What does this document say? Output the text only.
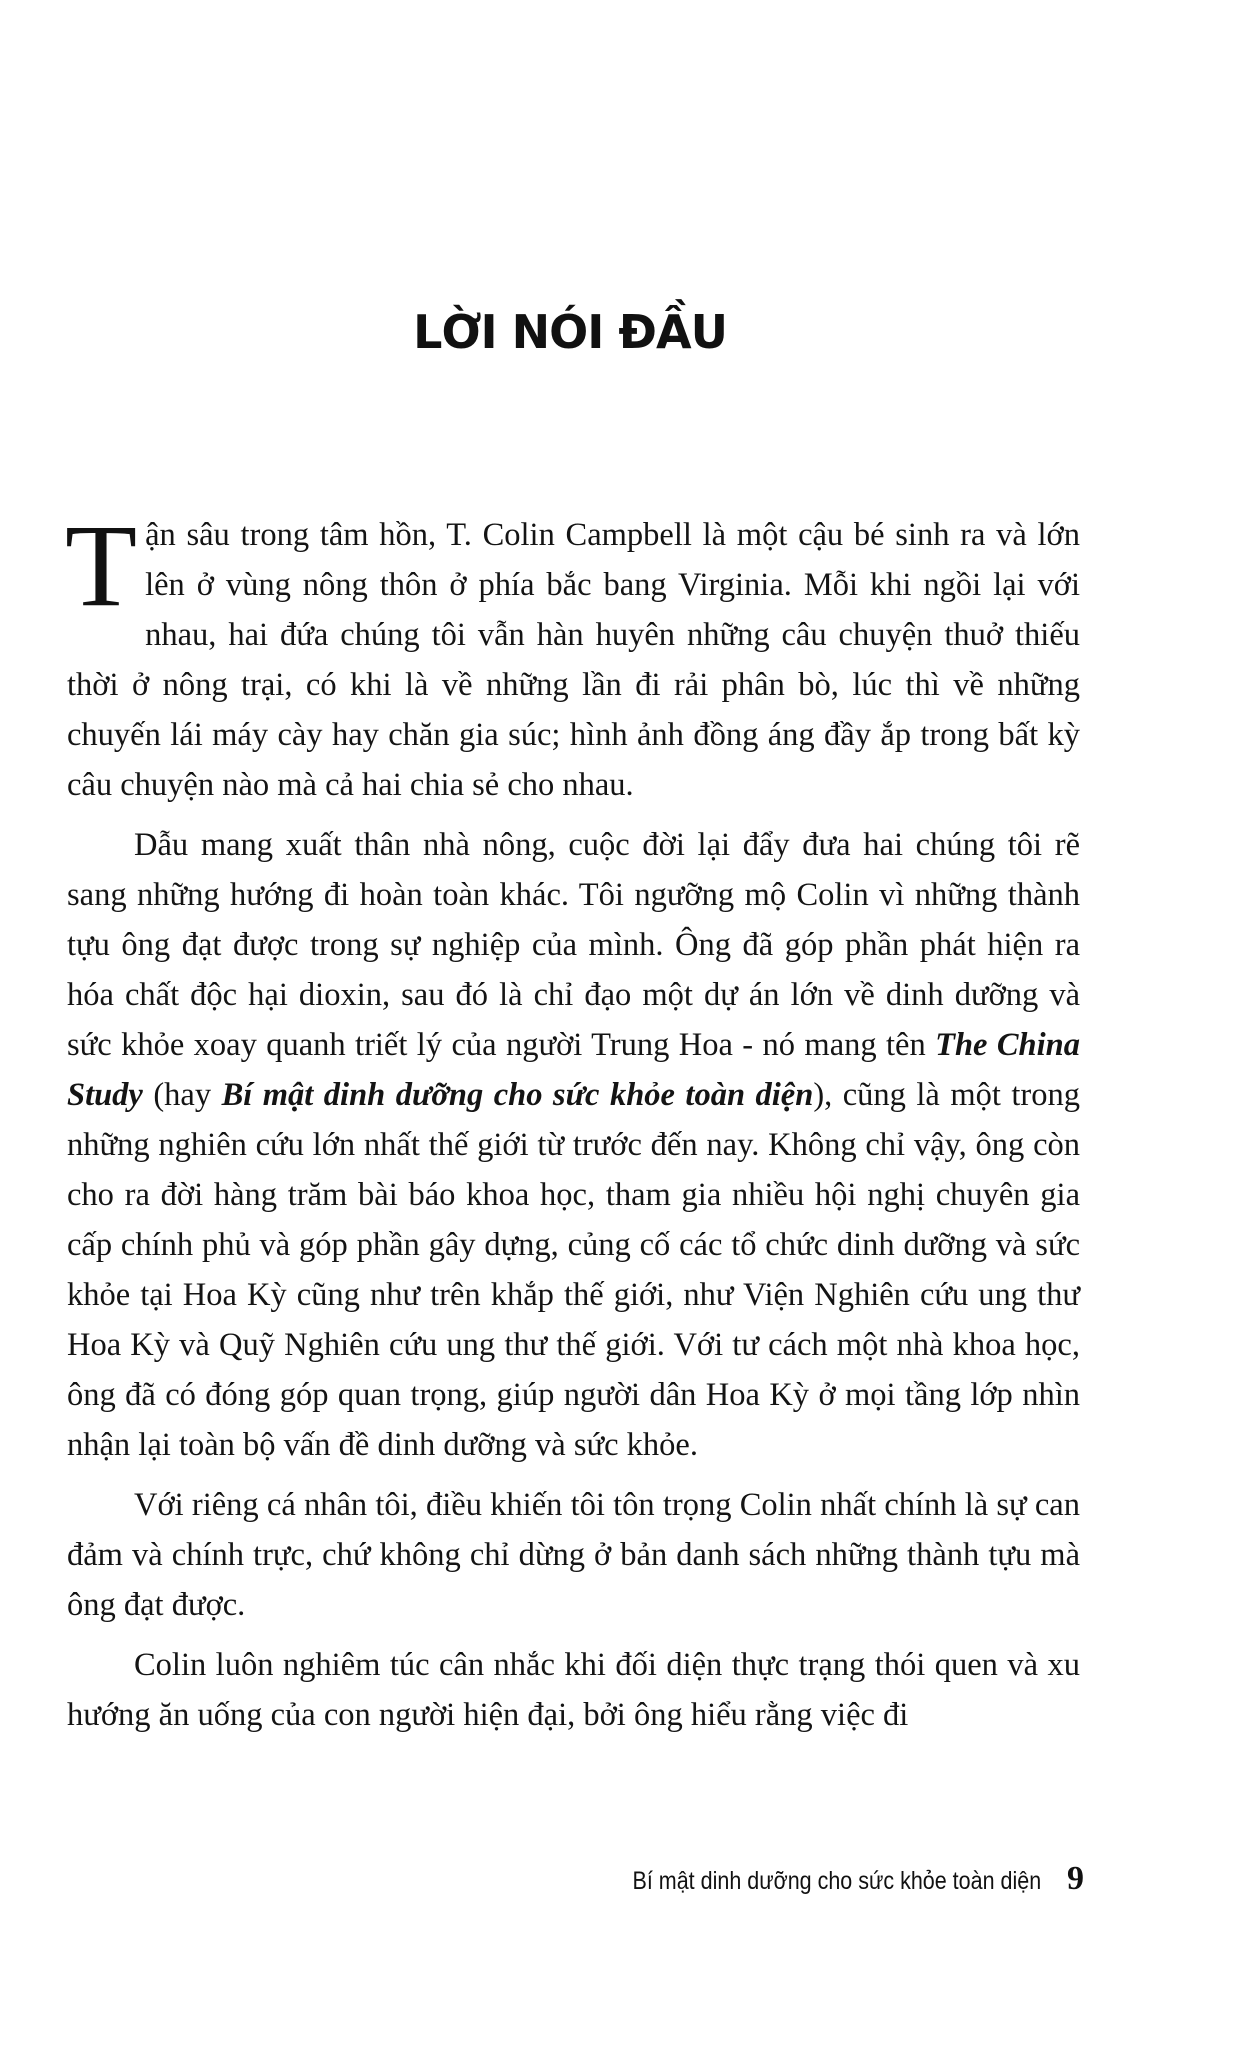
LỜI NÓI ĐẦU

Tận sâu trong tâm hồn, T. Colin Campbell là một cậu bé sinh ra và lớn lên ở vùng nông thôn ở phía bắc bang Virginia. Mỗi khi ngồi lại với nhau, hai đứa chúng tôi vẫn hàn huyên những câu chuyện thuở thiếu thời ở nông trại, có khi là về những lần đi rải phân bò, lúc thì về những chuyến lái máy cày hay chăn gia súc; hình ảnh đồng áng đầy ắp trong bất kỳ câu chuyện nào mà cả hai chia sẻ cho nhau.

Dẫu mang xuất thân nhà nông, cuộc đời lại đẩy đưa hai chúng tôi rẽ sang những hướng đi hoàn toàn khác. Tôi ngưỡng mộ Colin vì những thành tựu ông đạt được trong sự nghiệp của mình. Ông đã góp phần phát hiện ra hóa chất độc hại dioxin, sau đó là chỉ đạo một dự án lớn về dinh dưỡng và sức khỏe xoay quanh triết lý của người Trung Hoa - nó mang tên The China Study (hay Bí mật dinh dưỡng cho sức khỏe toàn diện), cũng là một trong những nghiên cứu lớn nhất thế giới từ trước đến nay. Không chỉ vậy, ông còn cho ra đời hàng trăm bài báo khoa học, tham gia nhiều hội nghị chuyên gia cấp chính phủ và góp phần gây dựng, củng cố các tổ chức dinh dưỡng và sức khỏe tại Hoa Kỳ cũng như trên khắp thế giới, như Viện Nghiên cứu ung thư Hoa Kỳ và Quỹ Nghiên cứu ung thư thế giới. Với tư cách một nhà khoa học, ông đã có đóng góp quan trọng, giúp người dân Hoa Kỳ ở mọi tầng lớp nhìn nhận lại toàn bộ vấn đề dinh dưỡng và sức khỏe.

Với riêng cá nhân tôi, điều khiến tôi tôn trọng Colin nhất chính là sự can đảm và chính trực, chứ không chỉ dừng ở bản danh sách những thành tựu mà ông đạt được.

Colin luôn nghiêm túc cân nhắc khi đối diện thực trạng thói quen và xu hướng ăn uống của con người hiện đại, bởi ông hiểu rằng việc đi

Bí mật dinh dưỡng cho sức khỏe toàn diện 9
